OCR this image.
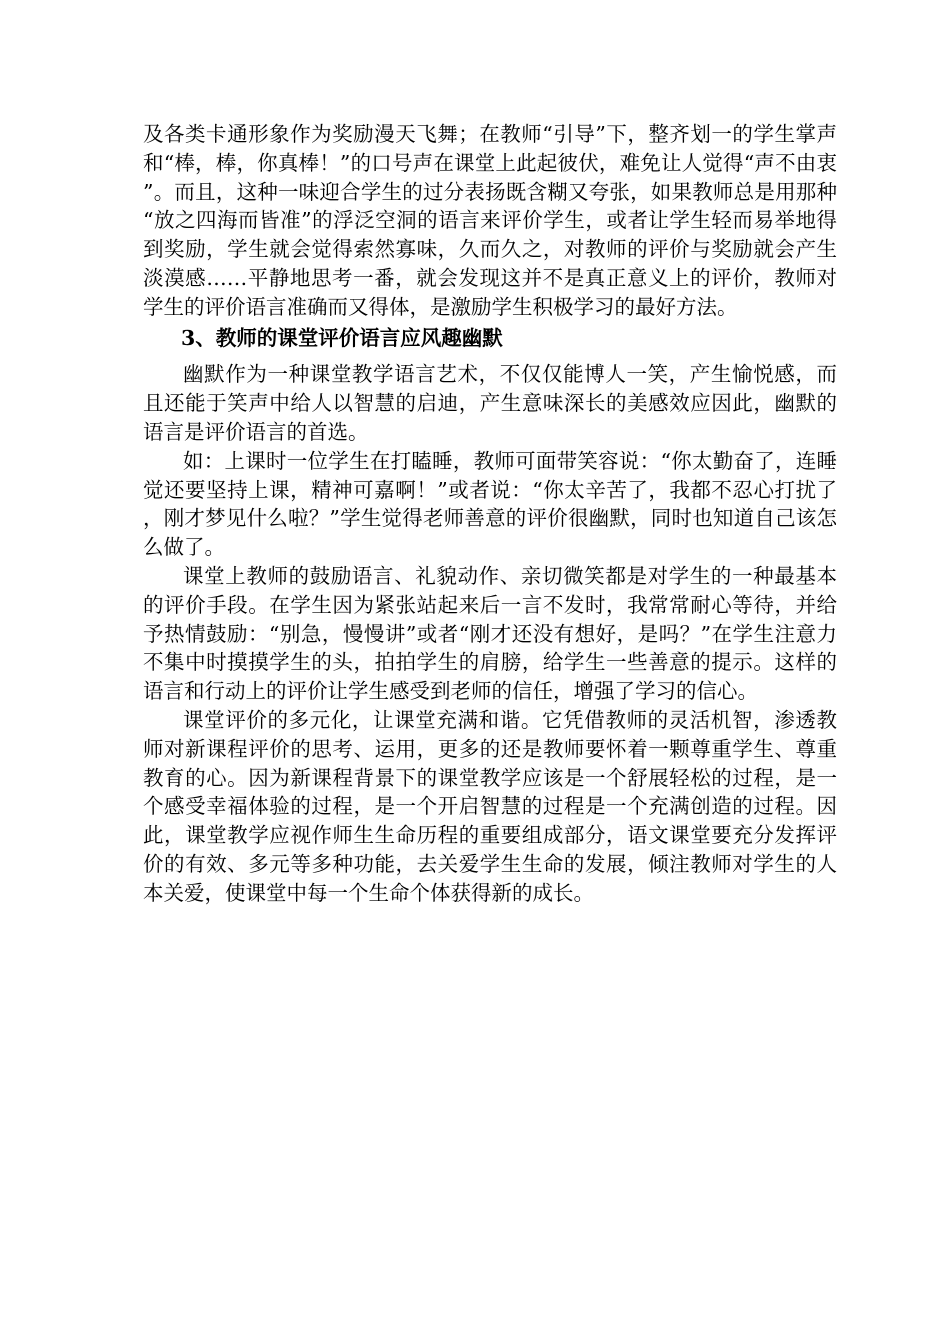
及各类卡通形象作为奖励漫天飞舞；在教师“引导”下，整齐划一的学生掌声和“棒，棒，你真棒！”的口号声在课堂上此起彼伏，难免让人觉得“声不由衷”。而且，这种一味迎合学生的过分表扬既含糊又夸张，如果教师总是用那种“放之四海而皆准”的浮泛空洞的语言来评价学生，或者让学生轻而易举地得到奖励，学生就会觉得索然寡味，久而久之，对教师的评价与奖励就会产生淡漠感……平静地思考一番，就会发现这并不是真正意义上的评价，教师对学生的评价语言准确而又得体，是激励学生积极学习的最好方法。

3、教师的课堂评价语言应风趣幽默

幽默作为一种课堂教学语言艺术，不仅仅能博人一笑，产生愉悦感，而且还能于笑声中给人以智慧的启迪，产生意味深长的美感效应因此，幽默的语言是评价语言的首选。

如：上课时一位学生在打瞌睡，教师可面带笑容说：“你太勤奋了，连睡觉还要坚持上课，精神可嘉啊！”或者说：“你太辛苦了，我都不忍心打扰了，刚才梦见什么啦？”学生觉得老师善意的评价很幽默，同时也知道自己该怎么做了。

课堂上教师的鼓励语言、礼貌动作、亲切微笑都是对学生的一种最基本的评价手段。在学生因为紧张站起来后一言不发时，我常常耐心等待，并给予热情鼓励：“别急，慢慢讲”或者“刚才还没有想好，是吗？”在学生注意力不集中时摸摸学生的头，拍拍学生的肩膀，给学生一些善意的提示。这样的语言和行动上的评价让学生感受到老师的信任，增强了学习的信心。

课堂评价的多元化，让课堂充满和谐。它凭借教师的灵活机智，渗透教师对新课程评价的思考、运用，更多的还是教师要怀着一颗尊重学生、尊重教育的心。因为新课程背景下的课堂教学应该是一个舒展轻松的过程，是一个感受幸福体验的过程，是一个开启智慧的过程是一个充满创造的过程。因此，课堂教学应视作师生生命历程的重要组成部分，语文课堂要充分发挥评价的有效、多元等多种功能，去关爱学生生命的发展，倾注教师对学生的人本关爱，使课堂中每一个生命个体获得新的成长。
